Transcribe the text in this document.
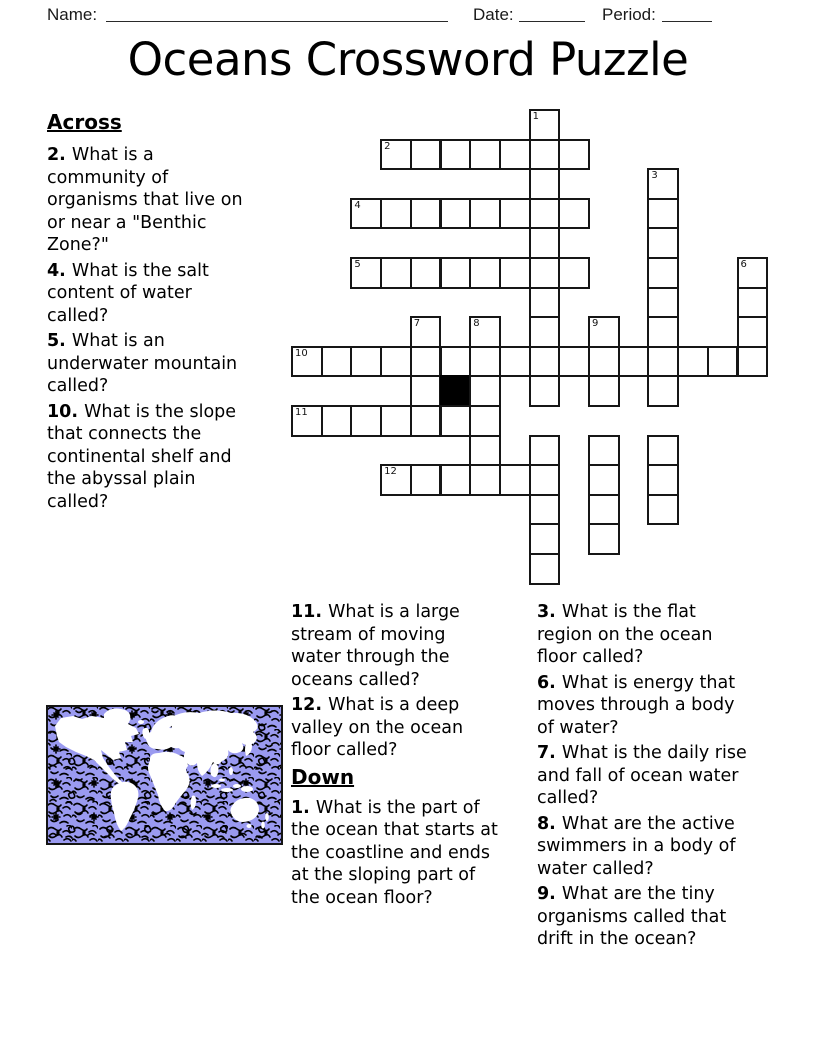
Name:	Date:	Period:
Oceans Crossword Puzzle

Across

2. What is a community of organisms that live on or near a "Benthic Zone?"

4. What is the salt content of water called?

5. What is an underwater mountain called?

10. What is the slope that connects the continental shelf and the abyssal plain called?

1
2
3
4
5	6
7	8	9
10
11
12

11. What is a large stream of moving water through the oceans called?

12. What is a deep valley on the ocean floor called?

Down

1. What is the part of the ocean that starts at the coastline and ends at the sloping part of the ocean floor?

3. What is the flat region on the ocean floor called?

6. What is energy that moves through a body of water?

7. What is the daily rise and fall of ocean water called?

8. What are the active swimmers in a body of water called?

9. What are the tiny organisms called that drift in the ocean?
